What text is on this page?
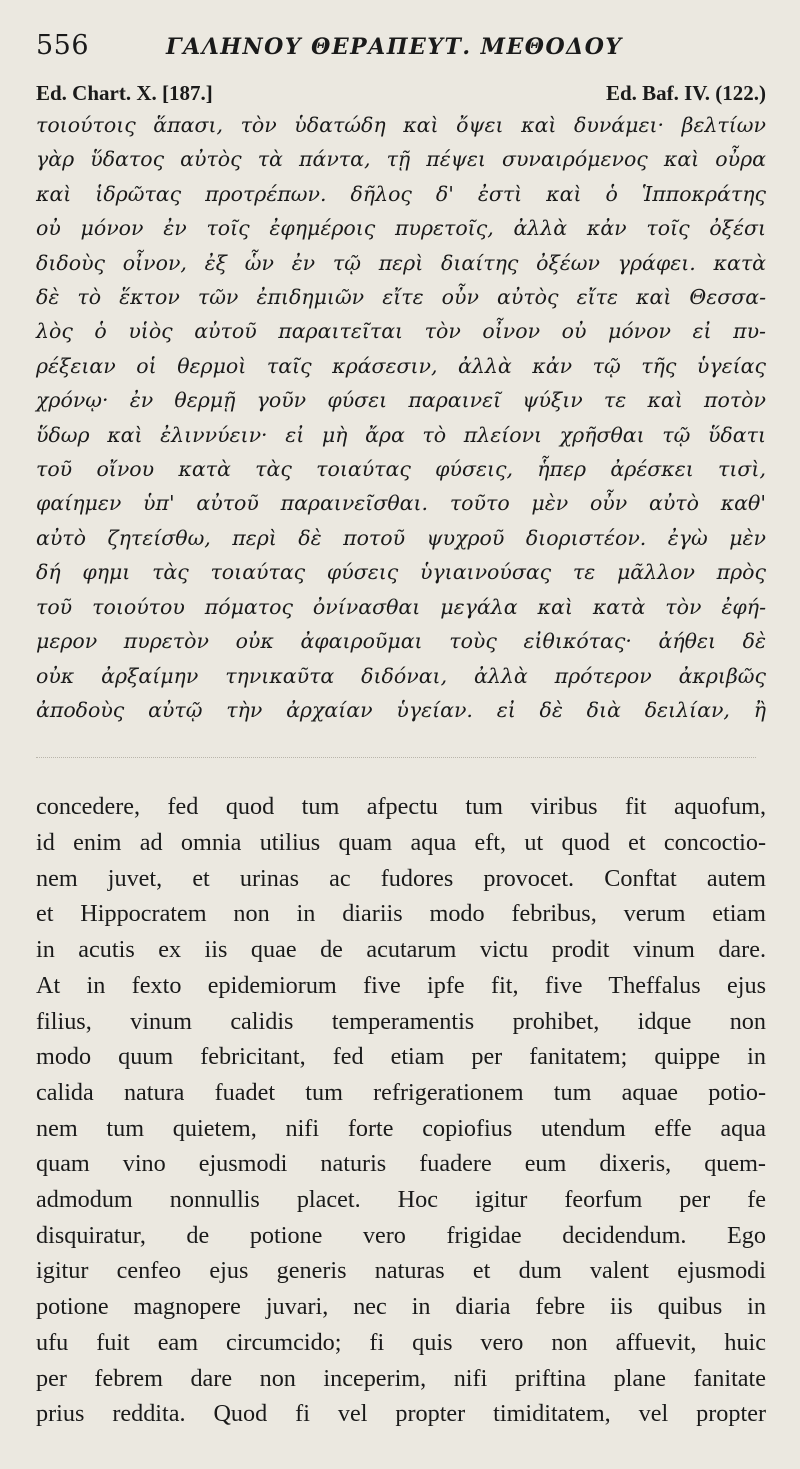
556	ΓΑΛΗΝΟΥ ΘΕΡΑΠΕΥΤ. ΜΕΘΟΔΟΥ
Ed. Chart. X. [187.]	Ed. Baf. IV. (122.)
τοιούτοις ἅπασι, τὸν ὑδατώδη καὶ ὄψει καὶ δυνάμει· βελτίων
γὰρ ὕδατος αὐτὸς τὰ πάντα, τῇ πέψει συναιρόμενος καὶ οὖρα
καὶ ἱδρῶτας προτρέπων. δῆλος δ' ἐστὶ καὶ ὁ Ἱπποκράτης
οὐ μόνον ἐν τοῖς ἐφημέροις πυρετοῖς, ἀλλὰ κἀν τοῖς ὀξέσι
διδοὺς οἶνον, ἐξ ὧν ἐν τῷ περὶ διαίτης ὀξέων γράφει. κατὰ
δὲ τὸ ἕκτον τῶν ἐπιδημιῶν εἴτε οὖν αὐτὸς εἴτε καὶ Θεσσα-
λὸς ὁ υἱὸς αὐτοῦ παραιτεῖται τὸν οἶνον οὐ μόνον εἰ πυ-
ρέξειαν οἱ θερμοὶ ταῖς κράσεσιν, ἀλλὰ κἀν τῷ τῆς ὑγείας
χρόνῳ· ἐν θερμῇ γοῦν φύσει παραινεῖ ψύξιν τε καὶ ποτὸν
ὕδωρ καὶ ἐλιννύειν· εἰ μὴ ἄρα τὸ πλείονι χρῆσθαι τῷ ὕδατι
τοῦ οἴνου κατὰ τὰς τοιαύτας φύσεις, ἧπερ ἀρέσκει τισὶ,
φαίημεν ὑπ' αὐτοῦ παραινεῖσθαι. τοῦτο μὲν οὖν αὐτὸ καθ'
αὐτὸ ζητείσθω, περὶ δὲ ποτοῦ ψυχροῦ διοριστέον. ἐγὼ μὲν
δή φημι τὰς τοιαύτας φύσεις ὑγιαινούσας τε μᾶλλον πρὸς
τοῦ τοιούτου πόματος ὀνίνασθαι μεγάλα καὶ κατὰ τὸν ἐφή-
μερον πυρετὸν οὐκ ἀφαιροῦμαι τοὺς εἰθικότας· ἀήθει δὲ
οὐκ ἀρξαίμην τηνικαῦτα διδόναι, ἀλλὰ πρότερον ἀκριβῶς
ἀποδοὺς αὐτῷ τὴν ἀρχαίαν ὑγείαν. εἰ δὲ διὰ δειλίαν, ἢ
concedere, fed quod tum afpectu tum viribus fit aquofum,
id enim ad omnia utilius quam aqua eft, ut quod et concoctio-
nem juvet, et urinas ac fudores provocet. Conftat autem
et Hippocratem non in diariis modo febribus, verum etiam
in acutis ex iis quae de acutarum victu prodit vinum dare.
At in fexto epidemiorum five ipfe fit, five Theffalus ejus
filius, vinum calidis temperamentis prohibet, idque non
modo quum febricitant, fed etiam per fanitatem; quippe in
calida natura fuadet tum refrigerationem tum aquae potio-
nem tum quietem, nifi forte copiofius utendum effe aqua
quam vino ejusmodi naturis fuadere eum dixeris, quem-
admodum nonnullis placet. Hoc igitur feorfum per fe
disquiratur, de potione vero frigidae decidendum. Ego
igitur cenfeo ejus generis naturas et dum valent ejusmodi
potione magnopere juvari, nec in diaria febre iis quibus in
ufu fuit eam circumcido; fi quis vero non affuevit, huic
per febrem dare non inceperim, nifi priftina plane fanitate
prius reddita. Quod fi vel propter timiditatem, vel propter
